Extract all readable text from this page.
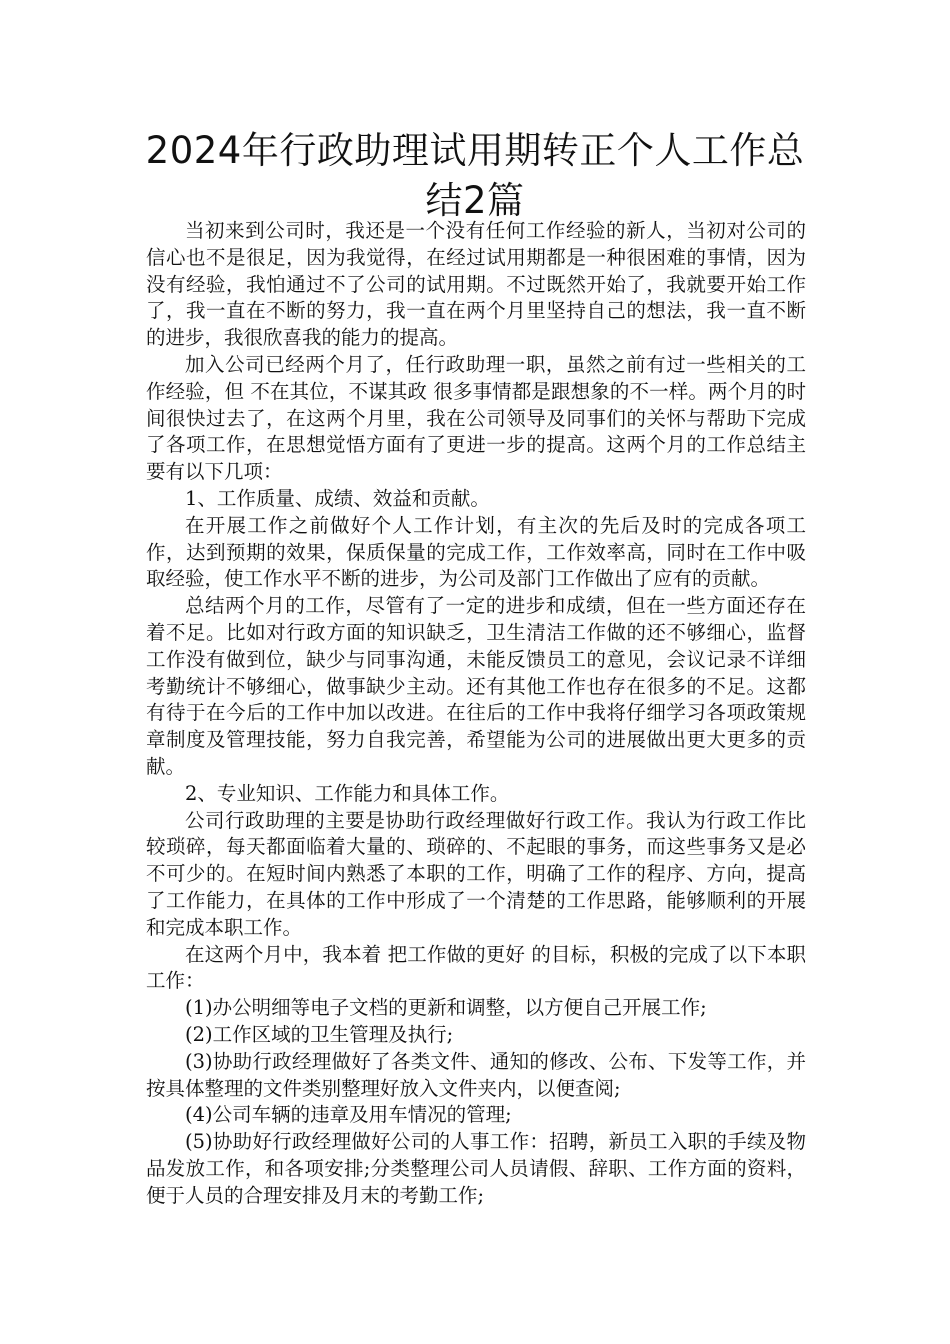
2024年行政助理试用期转正个人工作总结2篇

当初来到公司时，我还是一个没有任何工作经验的新人，当初对公司的信心也不是很足，因为我觉得，在经过试用期都是一种很困难的事情，因为没有经验，我怕通过不了公司的试用期。不过既然开始了，我就要开始工作了，我一直在不断的努力，我一直在两个月里坚持自己的想法，我一直不断的进步，我很欣喜我的能力的提高。

加入公司已经两个月了，任行政助理一职，虽然之前有过一些相关的工作经验，但 不在其位，不谋其政 很多事情都是跟想象的不一样。两个月的时间很快过去了，在这两个月里，我在公司领导及同事们的关怀与帮助下完成了各项工作，在思想觉悟方面有了更进一步的提高。这两个月的工作总结主要有以下几项：

1、工作质量、成绩、效益和贡献。

在开展工作之前做好个人工作计划，有主次的先后及时的完成各项工作，达到预期的效果，保质保量的完成工作，工作效率高，同时在工作中吸取经验，使工作水平不断的进步，为公司及部门工作做出了应有的贡献。

总结两个月的工作，尽管有了一定的进步和成绩，但在一些方面还存在着不足。比如对行政方面的知识缺乏，卫生清洁工作做的还不够细心，监督工作没有做到位，缺少与同事沟通，未能反馈员工的意见，会议记录不详细考勤统计不够细心，做事缺少主动。还有其他工作也存在很多的不足。这都有待于在今后的工作中加以改进。在往后的工作中我将仔细学习各项政策规章制度及管理技能，努力自我完善，希望能为公司的进展做出更大更多的贡献。

2、专业知识、工作能力和具体工作。

公司行政助理的主要是协助行政经理做好行政工作。我认为行政工作比较琐碎，每天都面临着大量的、琐碎的、不起眼的事务，而这些事务又是必不可少的。在短时间内熟悉了本职的工作，明确了工作的程序、方向，提高了工作能力，在具体的工作中形成了一个清楚的工作思路，能够顺利的开展和完成本职工作。

在这两个月中，我本着 把工作做的更好 的目标，积极的完成了以下本职工作：

(1)办公明细等电子文档的更新和调整，以方便自己开展工作;

(2)工作区域的卫生管理及执行;

(3)协助行政经理做好了各类文件、通知的修改、公布、下发等工作，并按具体整理的文件类别整理好放入文件夹内，以便查阅;

(4)公司车辆的违章及用车情况的管理;

(5)协助好行政经理做好公司的人事工作：招聘，新员工入职的手续及物品发放工作，和各项安排;分类整理公司人员请假、辞职、工作方面的资料，便于人员的合理安排及月末的考勤工作;
